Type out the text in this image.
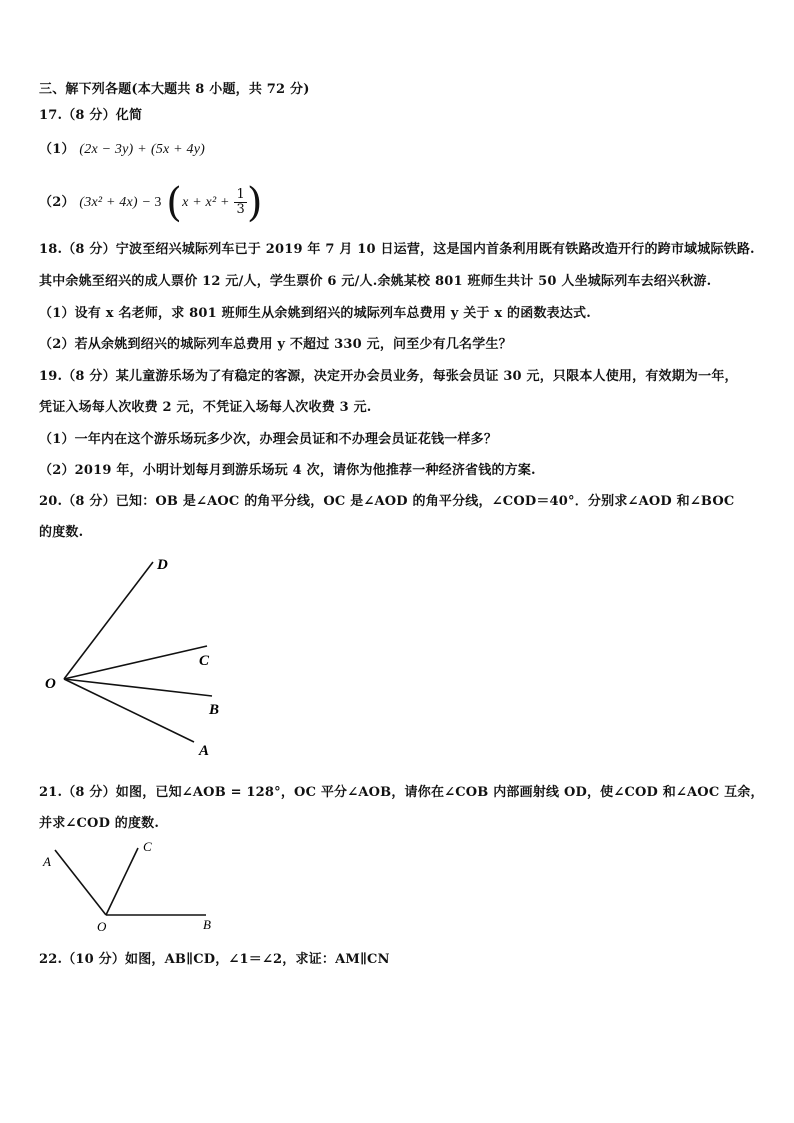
三、解下列各题(本大题共 8 小题，共 72 分)
17.（8 分）化简
（1） (2x − 3y) + (5x + 4y)
（2） (3x² + 4x) − 3 ($x + x^2 + \frac{1}{3}$ )
18.（8 分）宁波至绍兴城际列车已于 2019 年 7 月 10 日运营，这是国内首条利用既有铁路改造开行的跨市域城际铁路.
其中余姚至绍兴的成人票价 12 元/人，学生票价 6 元/人.余姚某校 801 班师生共计 50 人坐城际列车去绍兴秋游.
（1）设有 x 名老师，求 801 班师生从余姚到绍兴的城际列车总费用 y 关于 x 的函数表达式.
（2）若从余姚到绍兴的城际列车总费用 y 不超过 330 元，问至少有几名学生？
19.（8 分）某儿童游乐场为了有稳定的客源，决定开办会员业务，每张会员证 30 元，只限本人使用，有效期为一年，
凭证入场每人次收费 2 元，不凭证入场每人次收费 3 元.
（1）一年内在这个游乐场玩多少次，办理会员证和不办理会员证花钱一样多？
（2）2019 年，小明计划每月到游乐场玩 4 次，请你为他推荐一种经济省钱的方案.
20.（8 分）已知：OB 是∠AOC 的角平分线，OC 是∠AOD 的角平分线，∠COD＝40°．分别求∠AOD 和∠BOC
的度数.
D
C
O
B
A
21.（8 分）如图，已知∠AOB = 128°，OC 平分∠AOB，请你在∠COB 内部画射线 OD，使∠COD 和∠AOC 互余，
并求∠COD 的度数.
A
C
O	B
22.（10 分）如图，AB∥CD，∠1＝∠2，求证：AM∥CN
